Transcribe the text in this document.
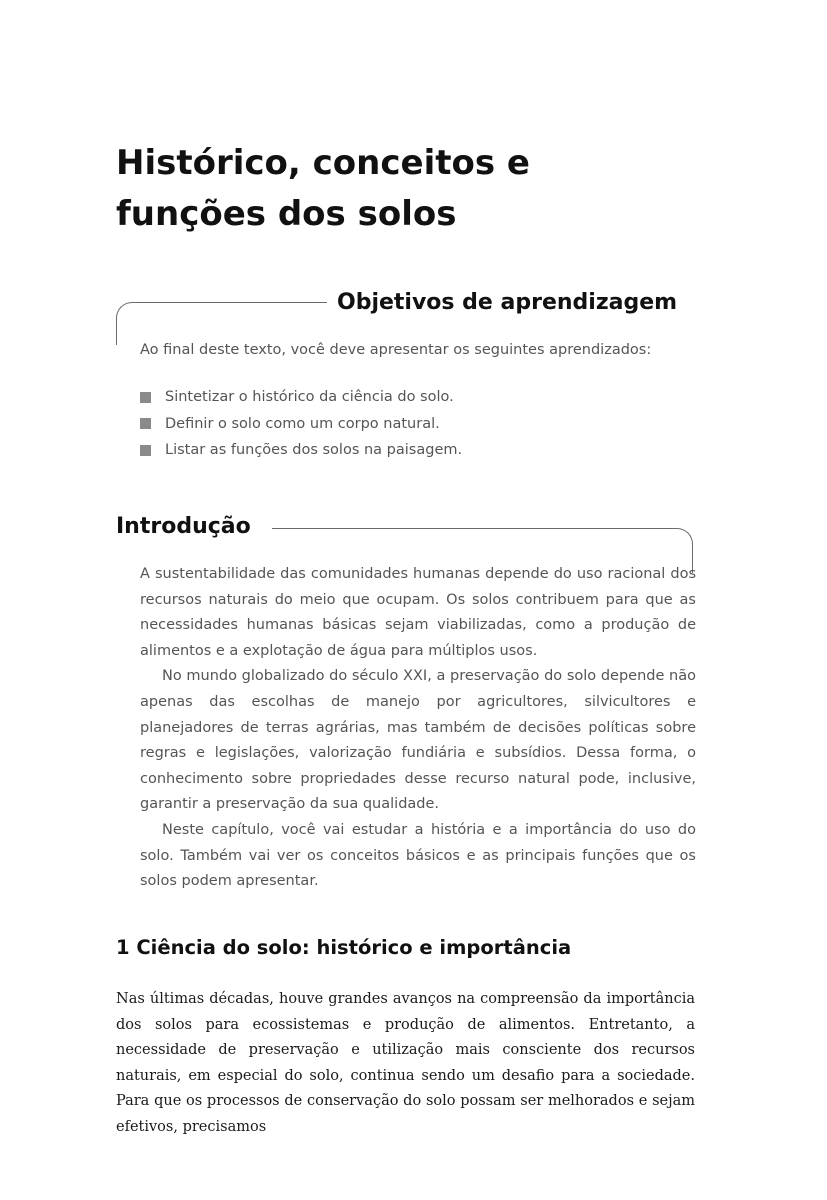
Histórico, conceitos e
funções dos solos
Objetivos de aprendizagem

Ao final deste texto, você deve apresentar os seguintes aprendizados:

Sintetizar o histórico da ciência do solo.
Definir o solo como um corpo natural.
Listar as funções dos solos na paisagem.
Introdução

A sustentabilidade das comunidades humanas depende do uso racional dos recursos naturais do meio que ocupam. Os solos contribuem para que as necessidades humanas básicas sejam viabilizadas, como a produção de alimentos e a explotação de água para múltiplos usos.

No mundo globalizado do século XXI, a preservação do solo depende não apenas das escolhas de manejo por agricultores, silvicultores e planejadores de terras agrárias, mas também de decisões políticas sobre regras e legislações, valorização fundiária e subsídios. Dessa forma, o conhecimento sobre propriedades desse recurso natural pode, inclusive, garantir a preservação da sua qualidade.

Neste capítulo, você vai estudar a história e a importância do uso do solo. Também vai ver os conceitos básicos e as principais funções que os solos podem apresentar.

1 Ciência do solo: histórico e importância

Nas últimas décadas, houve grandes avanços na compreensão da importância dos solos para ecossistemas e produção de alimentos. Entretanto, a necessidade de preservação e utilização mais consciente dos recursos naturais, em especial do solo, continua sendo um desafio para a sociedade. Para que os processos de conservação do solo possam ser melhorados e sejam efetivos, precisamos
